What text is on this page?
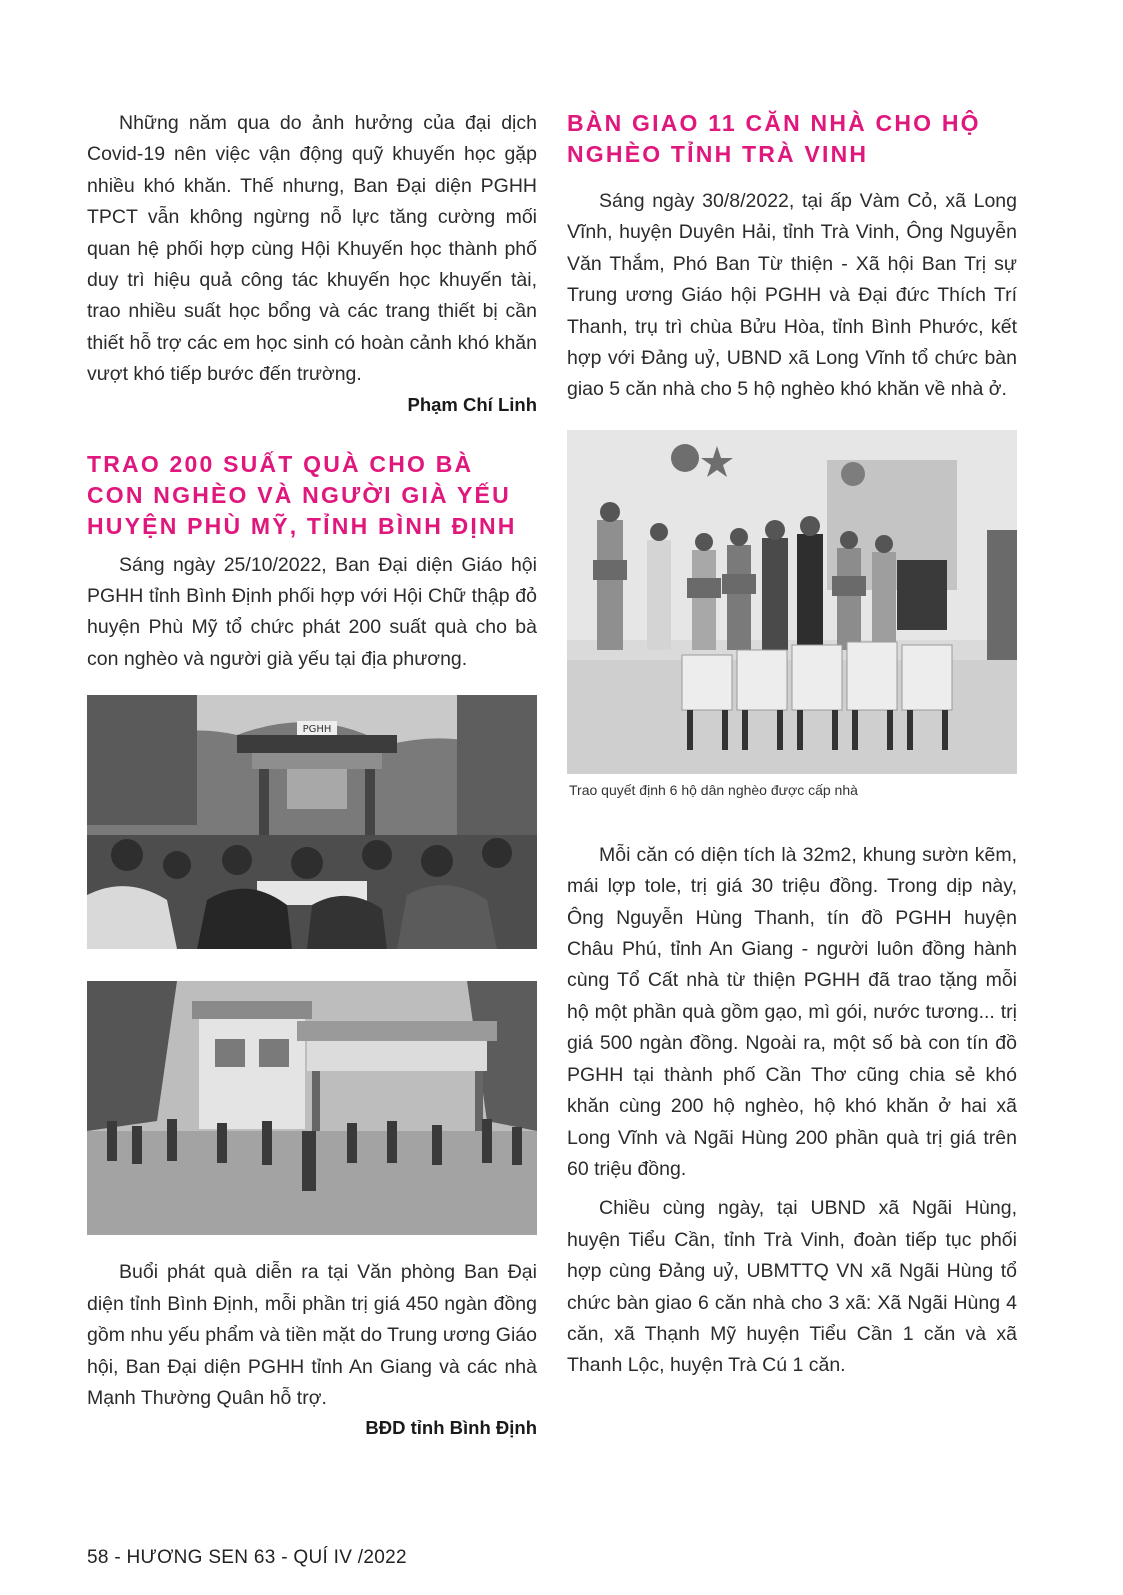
Những năm qua do ảnh hưởng của đại dịch Covid-19 nên việc vận động quỹ khuyến học gặp nhiều khó khăn. Thế nhưng, Ban Đại diện PGHH TPCT vẫn không ngừng nỗ lực tăng cường mối quan hệ phối hợp cùng Hội Khuyến học thành phố duy trì hiệu quả công tác khuyến học khuyến tài, trao nhiều suất học bổng và các trang thiết bị cần thiết hỗ trợ các em học sinh có hoàn cảnh khó khăn vượt khó tiếp bước đến trường.

Phạm Chí Linh

TRAO 200 SUẤT QUÀ CHO BÀ CON NGHÈO VÀ NGƯỜI GIÀ YẾU HUYỆN PHÙ MỸ, TỈNH BÌNH ĐỊNH

Sáng ngày 25/10/2022, Ban Đại diện Giáo hội PGHH tỉnh Bình Định phối hợp với Hội Chữ thập đỏ huyện Phù Mỹ tổ chức phát 200 suất quà cho bà con nghèo và người già yếu tại địa phương.

PGHH

Buổi phát quà diễn ra tại Văn phòng Ban Đại diện tỉnh Bình Định, mỗi phần trị giá 450 ngàn đồng gồm nhu yếu phẩm và tiền mặt do Trung ương Giáo hội, Ban Đại diện PGHH tỉnh An Giang và các nhà Mạnh Thường Quân hỗ trợ.

BĐD tỉnh Bình Định

BÀN GIAO 11 CĂN NHÀ CHO HỘ NGHÈO TỈNH TRÀ VINH

Sáng ngày 30/8/2022, tại ấp Vàm Cỏ, xã Long Vĩnh, huyện Duyên Hải, tỉnh Trà Vinh, Ông Nguyễn Văn Thắm, Phó Ban Từ thiện - Xã hội Ban Trị sự Trung ương Giáo hội PGHH và Đại đức Thích Trí Thanh, trụ trì chùa Bửu Hòa, tỉnh Bình Phước, kết hợp với Đảng uỷ, UBND xã Long Vĩnh tổ chức bàn giao 5 căn nhà cho 5 hộ nghèo khó khăn về nhà ở.

Trao quyết định 6 hộ dân nghèo được cấp nhà

Mỗi căn có diện tích là 32m2, khung sườn kẽm, mái lợp tole, trị giá 30 triệu đồng. Trong dịp này, Ông Nguyễn Hùng Thanh, tín đồ PGHH huyện Châu Phú, tỉnh An Giang - người luôn đồng hành cùng Tổ Cất nhà từ thiện PGHH đã trao tặng mỗi hộ một phần quà gồm gạo, mì gói, nước tương... trị giá 500 ngàn đồng. Ngoài ra, một số bà con tín đồ PGHH tại thành phố Cần Thơ cũng chia sẻ khó khăn cùng 200 hộ nghèo, hộ khó khăn ở hai xã Long Vĩnh và Ngãi Hùng 200 phần quà trị giá trên 60 triệu đồng.

Chiều cùng ngày, tại UBND xã Ngãi Hùng, huyện Tiểu Cần, tỉnh Trà Vinh, đoàn tiếp tục phối hợp cùng Đảng uỷ, UBMTTQ VN xã Ngãi Hùng tổ chức bàn giao 6 căn nhà cho 3 xã: Xã Ngãi Hùng 4 căn, xã Thạnh Mỹ huyện Tiểu Cần 1 căn và xã Thanh Lộc, huyện Trà Cú 1 căn.

58 - HƯƠNG SEN 63 - QUÍ IV /2022
